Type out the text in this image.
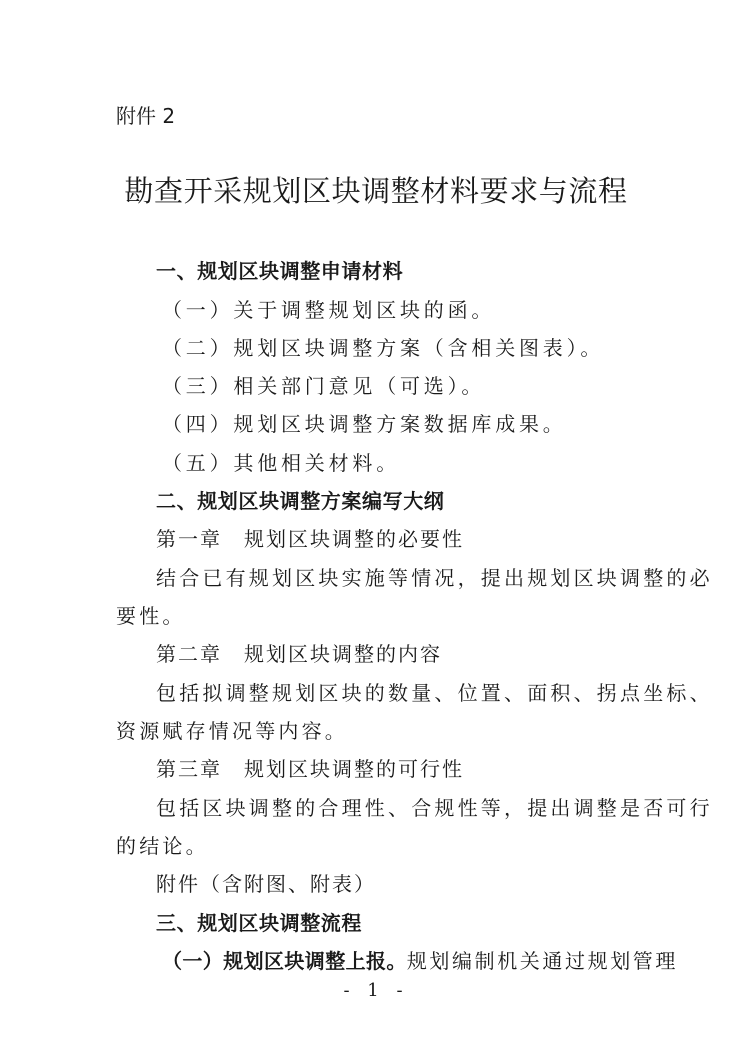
附件 2
勘查开采规划区块调整材料要求与流程
一、规划区块调整申请材料
（一）关于调整规划区块的函。
（二）规划区块调整方案（含相关图表）。
（三）相关部门意见（可选）。
（四）规划区块调整方案数据库成果。
（五）其他相关材料。
二、规划区块调整方案编写大纲
第一章 规划区块调整的必要性
结合已有规划区块实施等情况，提出规划区块调整的必
要性。
第二章 规划区块调整的内容
包括拟调整规划区块的数量、位置、面积、拐点坐标、
资源赋存情况等内容。
第三章 规划区块调整的可行性
包括区块调整的合理性、合规性等，提出调整是否可行
的结论。
附件（含附图、附表）
三、规划区块调整流程
（一）规划区块调整上报。规划编制机关通过规划管理
- 1 -
